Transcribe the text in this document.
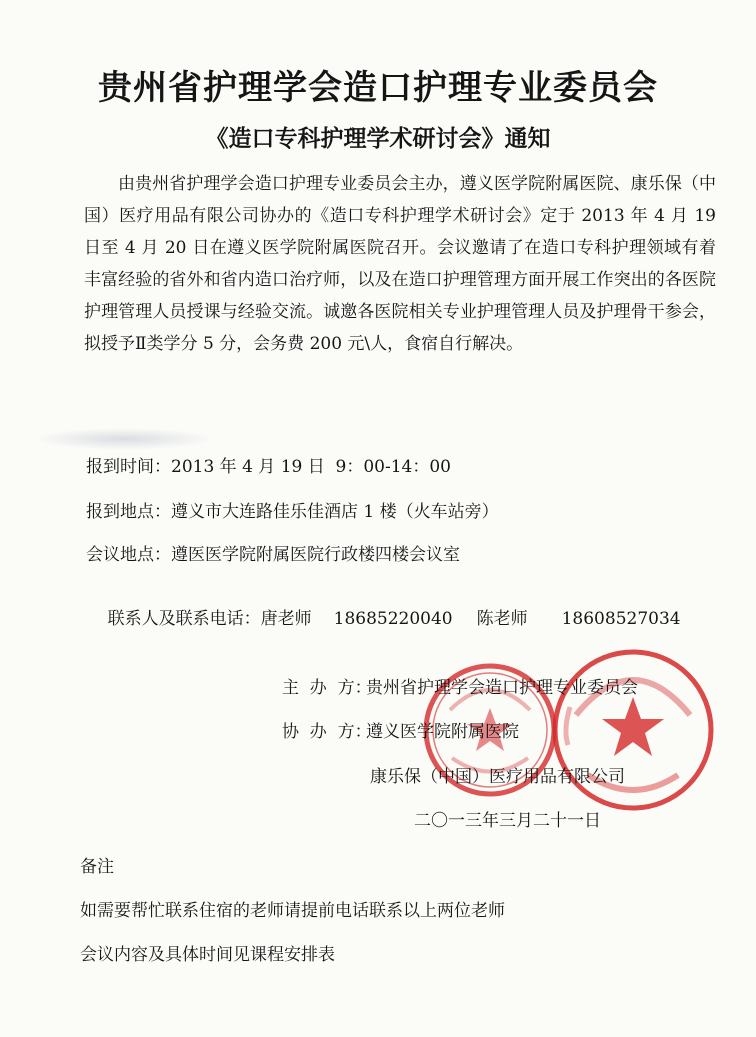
贵州省护理学会造口护理专业委员会
《造口专科护理学术研讨会》通知

由贵州省护理学会造口护理专业委员会主办，遵义医学院附属医院、康乐保（中国）医疗用品有限公司协办的《造口专科护理学术研讨会》定于 2013 年 4 月 19 日至 4 月 20 日在遵义医学院附属医院召开。会议邀请了在造口专科护理领域有着丰富经验的省外和省内造口治疗师，以及在造口护理管理方面开展工作突出的各医院护理管理人员授课与经验交流。诚邀各医院相关专业护理管理人员及护理骨干参会，拟授予Ⅱ类学分 5 分，会务费 200 元\人，食宿自行解决。

报到时间：2013 年 4 月 19 日  9：00-14：00
报到地点：遵义市大连路佳乐佳酒店 1 楼（火车站旁）
会议地点：遵医医学院附属医院行政楼四楼会议室

联系人及联系电话：唐老师 18685220040 陈老师 18608527034

主  办  方：
贵州省护理学会造口护理专业委员会
协  办  方：
遵义医学院附属医院
康乐保（中国）医疗用品有限公司
二〇一三年三月二十一日
备注
如需要帮忙联系住宿的老师请提前电话联系以上两位老师
会议内容及具体时间见课程安排表
